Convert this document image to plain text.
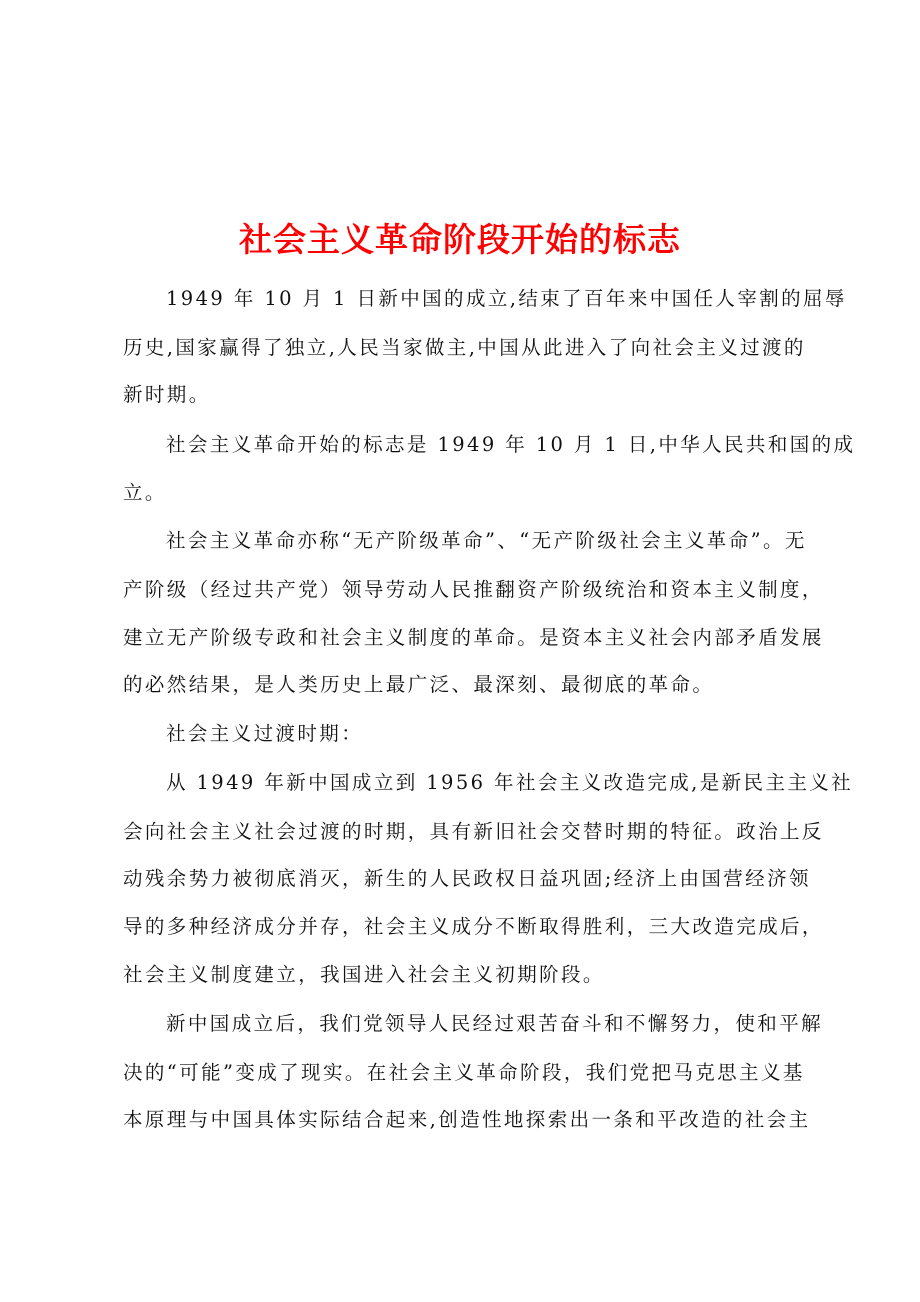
社会主义革命阶段开始的标志
1949 年 10 月 1 日新中国的成立,结束了百年来中国任人宰割的屈辱
历史,国家赢得了独立,人民当家做主,中国从此进入了向社会主义过渡的
新时期。
社会主义革命开始的标志是 1949 年 10 月 1 日,中华人民共和国的成
立。
社会主义革命亦称“无产阶级革命”、“无产阶级社会主义革命”。无
产阶级（经过共产党）领导劳动人民推翻资产阶级统治和资本主义制度，
建立无产阶级专政和社会主义制度的革命。是资本主义社会内部矛盾发展
的必然结果，是人类历史上最广泛、最深刻、最彻底的革命。
社会主义过渡时期：
从 1949 年新中国成立到 1956 年社会主义改造完成,是新民主主义社
会向社会主义社会过渡的时期，具有新旧社会交替时期的特征。政治上反
动残余势力被彻底消灭，新生的人民政权日益巩固;经济上由国营经济领
导的多种经济成分并存，社会主义成分不断取得胜利，三大改造完成后，
社会主义制度建立，我国进入社会主义初期阶段。
新中国成立后，我们党领导人民经过艰苦奋斗和不懈努力，使和平解
决的“可能”变成了现实。在社会主义革命阶段，我们党把马克思主义基
本原理与中国具体实际结合起来,创造性地探索出一条和平改造的社会主
